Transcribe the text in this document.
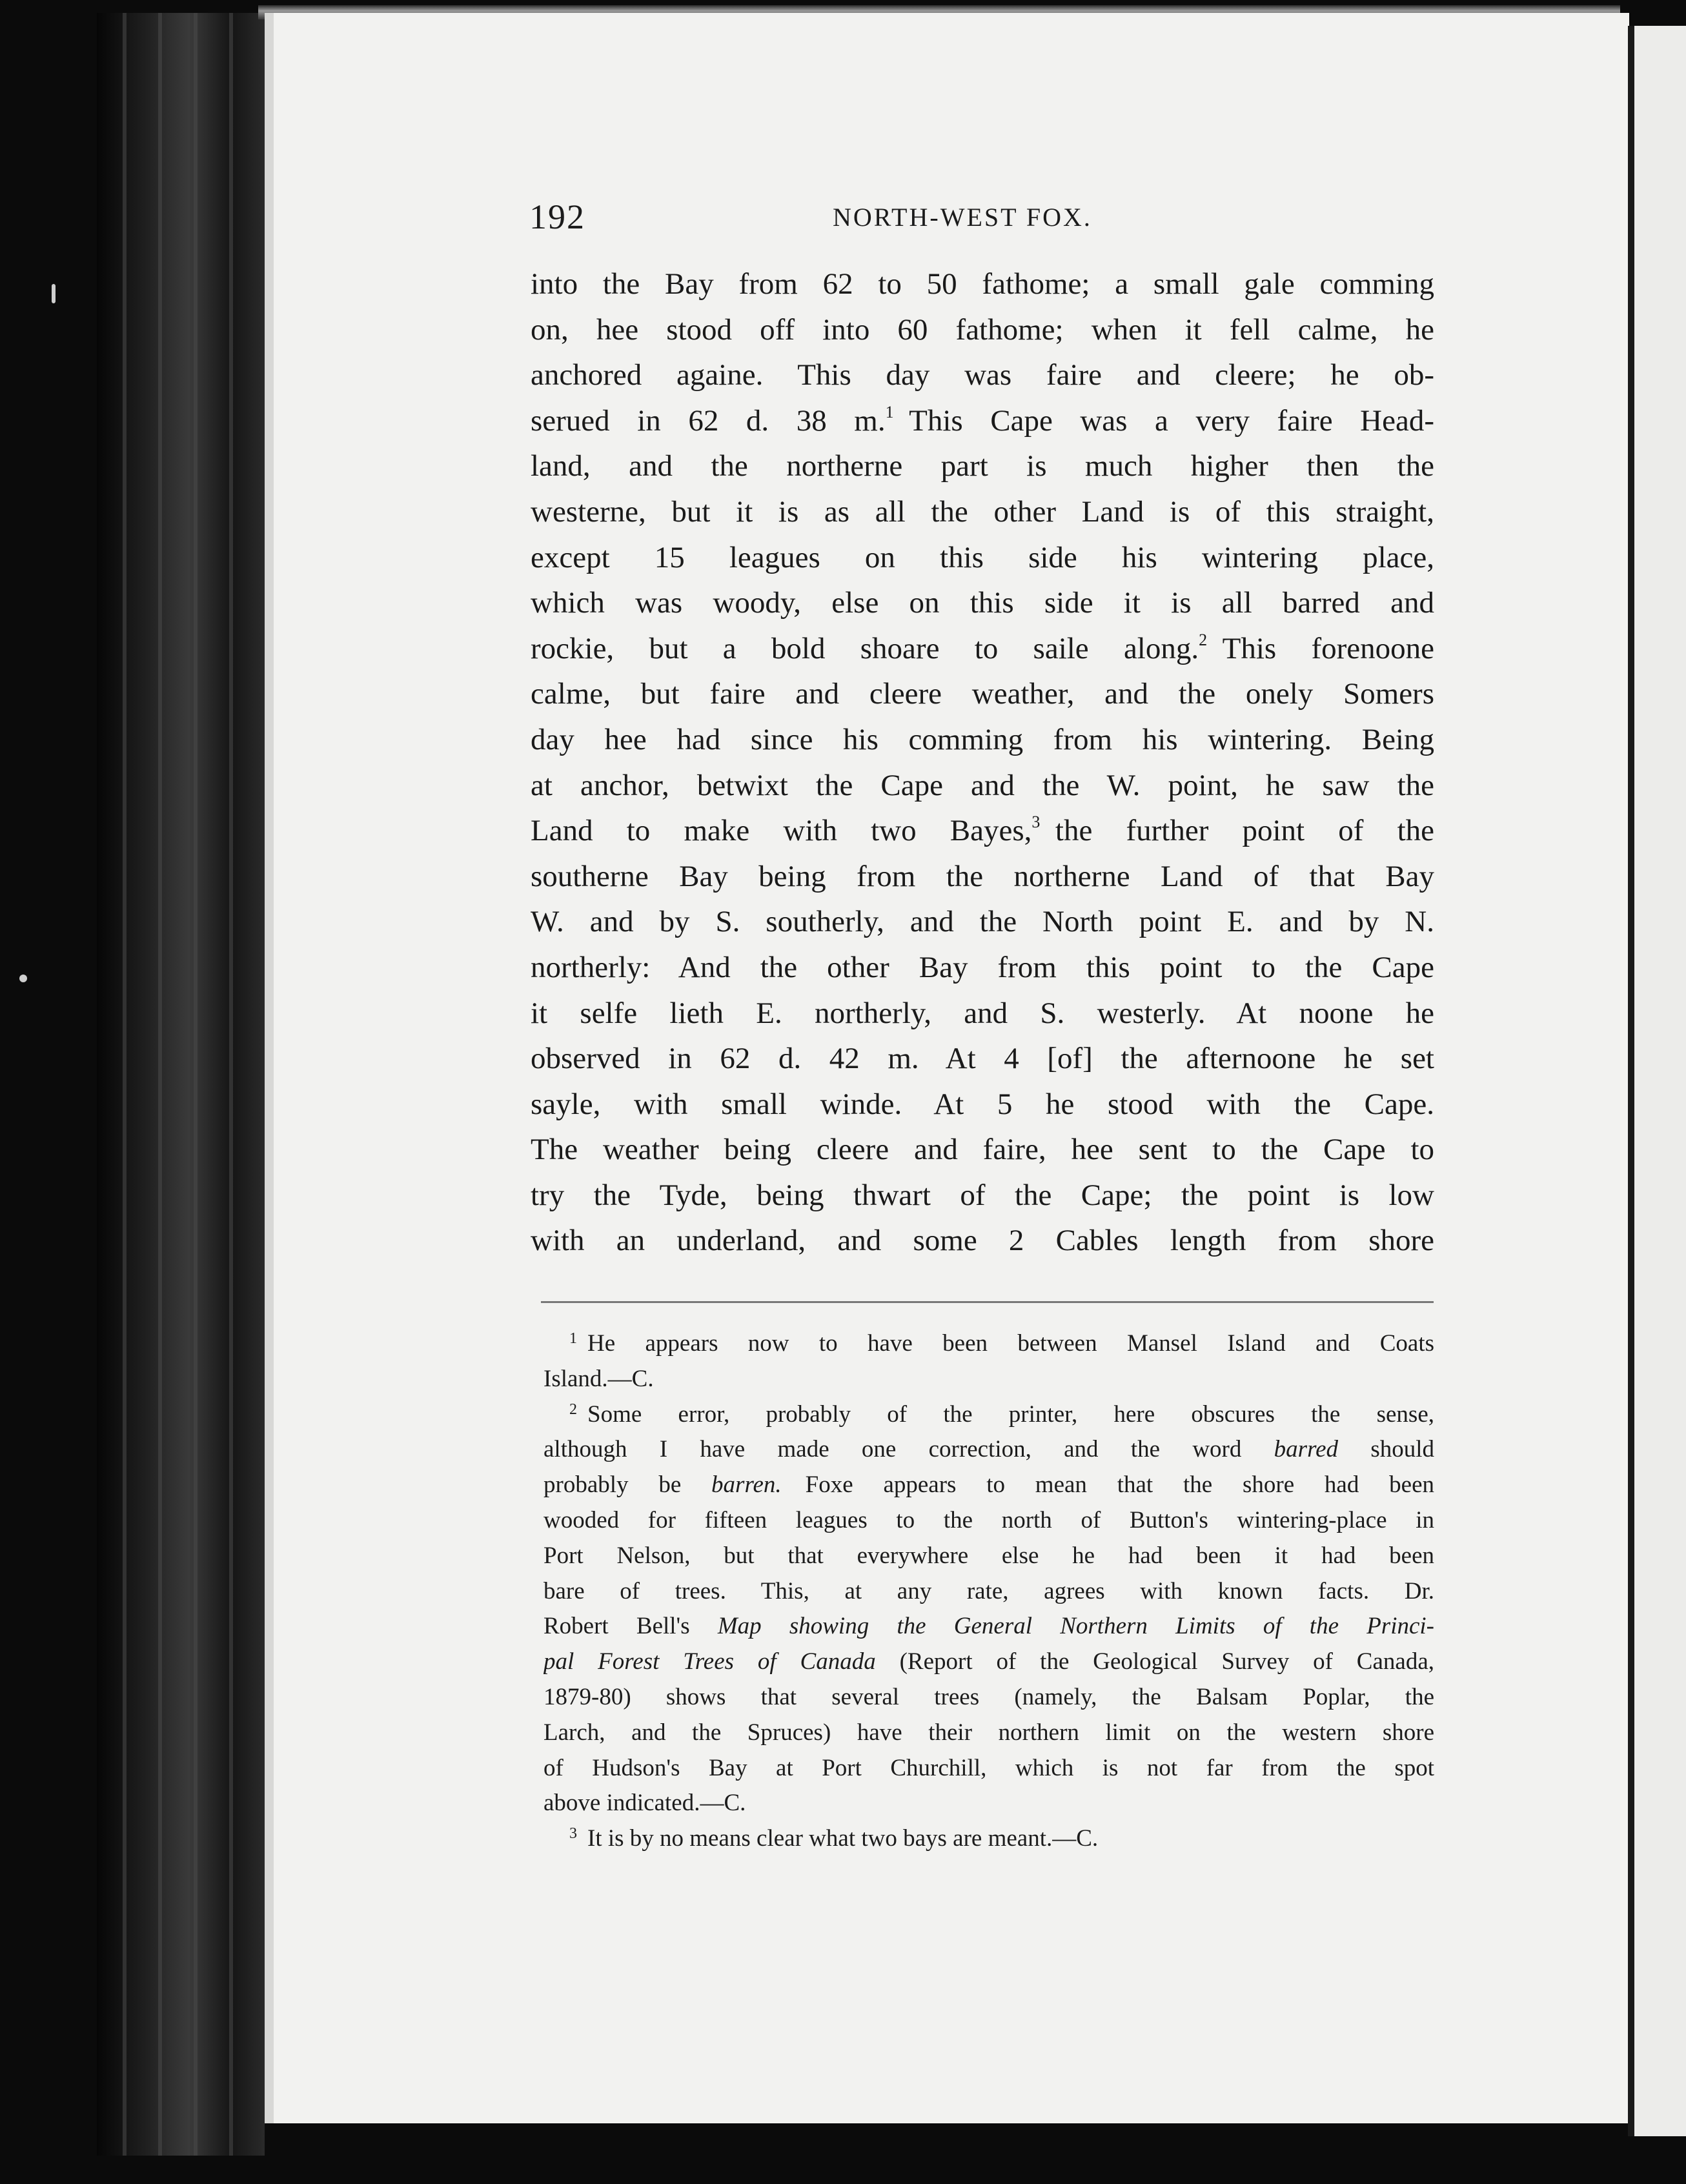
192	NORTH-WEST FOX.
into the Bay from 62 to 50 fathome; a small gale comming
on, hee stood off into 60 fathome; when it fell calme, he
anchored againe. This day was faire and cleere; he ob-
serued in 62 d. 38 m.$^1$  This Cape was a very faire Head-
land, and the northerne part is much higher then the
westerne, but it is as all the other Land is of this straight,
except 15 leagues on this side his wintering place,
which was woody, else on this side it is all barred and
rockie, but a bold shoare to saile along.$^2$  This forenoone
calme, but faire and cleere weather, and the onely Somers
day hee had since his comming from his wintering. Being
at anchor, betwixt the Cape and the W. point, he saw the
Land to make with two Bayes,$^3$  the further point of the
southerne Bay being from the northerne Land of that Bay
W. and by S. southerly, and the North point E. and by N.
northerly: And the other Bay from this point to the Cape
it selfe lieth E. northerly, and S. westerly. At noone he
observed in 62 d. 42 m. At 4 [of] the afternoone he set
sayle, with small winde. At 5 he stood with the Cape.
The weather being cleere and faire, hee sent to the Cape to
try the Tyde, being thwart of the Cape; the point is low
with an underland, and some 2 Cables length from shore
$^1$ He appears now to have been between Mansel Island and Coats
Island.—C.
$^2$ Some error, probably of the printer, here obscures the sense,
although I have made one correction, and the word barred should
probably be barren.  Foxe appears to mean that the shore had been
wooded for fifteen leagues to the north of Button's wintering-place in
Port Nelson, but that everywhere else he had been it had been
bare of trees. This, at any rate, agrees with known facts. Dr.
Robert Bell's Map showing the General Northern Limits of the Princi-
pal Forest Trees of Canada (Report of the Geological Survey of Canada,
1879-80) shows that several trees (namely, the Balsam Poplar, the
Larch, and the Spruces) have their northern limit on the western shore
of Hudson's Bay at Port Churchill, which is not far from the spot
above indicated.—C.
$^3$ It is by no means clear what two bays are meant.—C.
